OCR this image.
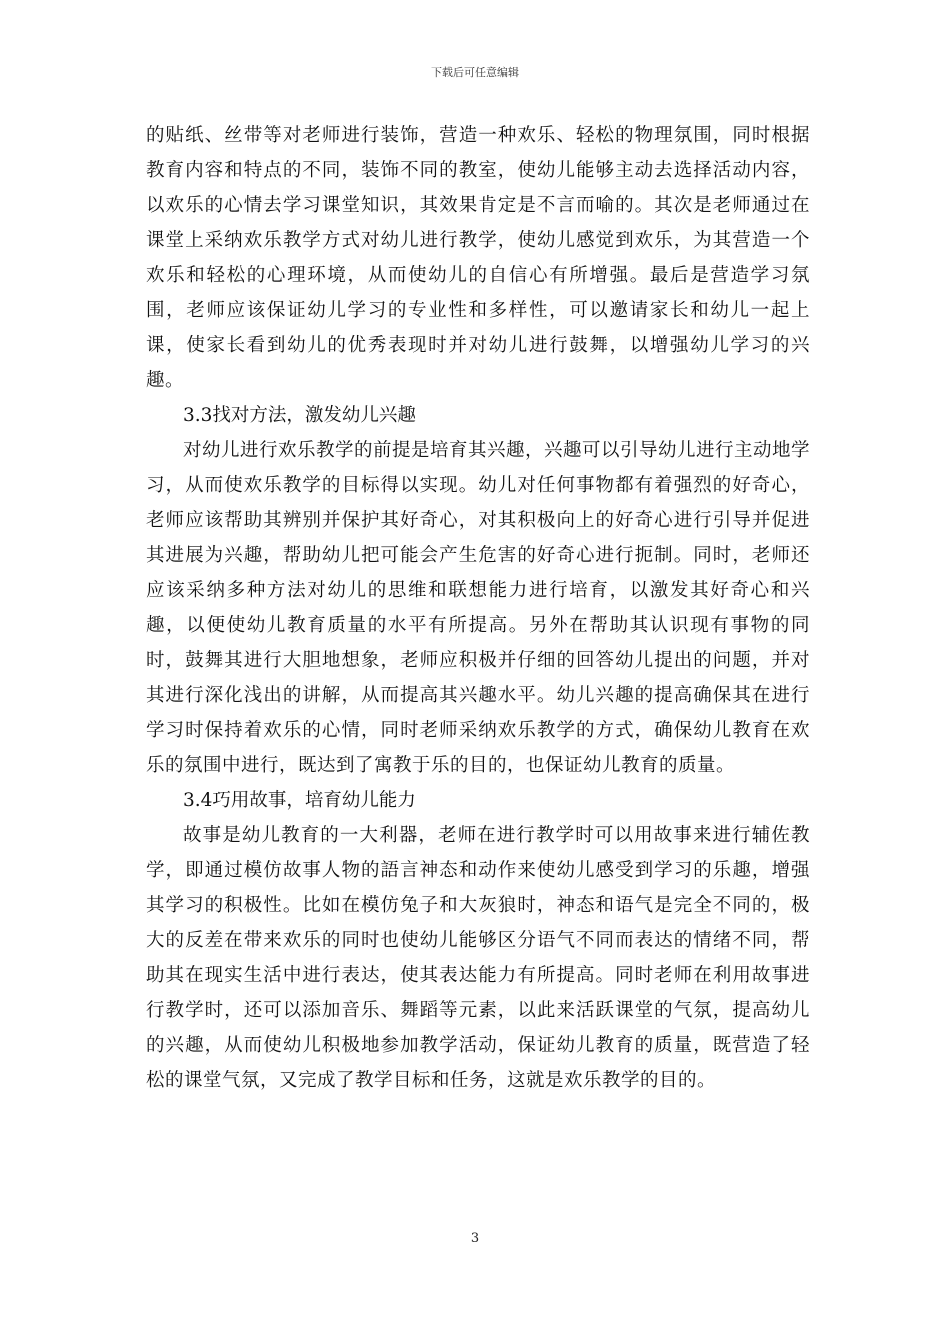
下载后可任意编辑

的贴纸、丝带等对老师进行装饰，营造一种欢乐、轻松的物理氛围，同时根据教育内容和特点的不同，装饰不同的教室，使幼儿能够主动去选择活动内容，以欢乐的心情去学习课堂知识，其效果肯定是不言而喻的。其次是老师通过在课堂上采纳欢乐教学方式对幼儿进行教学，使幼儿感觉到欢乐，为其营造一个欢乐和轻松的心理环境，从而使幼儿的自信心有所增强。最后是营造学习氛围，老师应该保证幼儿学习的专业性和多样性，可以邀请家长和幼儿一起上课，使家长看到幼儿的优秀表现时并对幼儿进行鼓舞，以增强幼儿学习的兴趣。

3.3找对方法，激发幼儿兴趣

对幼儿进行欢乐教学的前提是培育其兴趣，兴趣可以引导幼儿进行主动地学习，从而使欢乐教学的目标得以实现。幼儿对任何事物都有着强烈的好奇心，老师应该帮助其辨别并保护其好奇心，对其积极向上的好奇心进行引导并促进其进展为兴趣，帮助幼儿把可能会产生危害的好奇心进行扼制。同时，老师还应该采纳多种方法对幼儿的思维和联想能力进行培育，以激发其好奇心和兴趣，以便使幼儿教育质量的水平有所提高。另外在帮助其认识现有事物的同时，鼓舞其进行大胆地想象，老师应积极并仔细的回答幼儿提出的问题，并对其进行深化浅出的讲解，从而提高其兴趣水平。幼儿兴趣的提高确保其在进行学习时保持着欢乐的心情，同时老师采纳欢乐教学的方式，确保幼儿教育在欢乐的氛围中进行，既达到了寓教于乐的目的，也保证幼儿教育的质量。

3.4巧用故事，培育幼儿能力

故事是幼儿教育的一大利器，老师在进行教学时可以用故事来进行辅佐教学，即通过模仿故事人物的語言神态和动作来使幼儿感受到学习的乐趣，增强其学习的积极性。比如在模仿兔子和大灰狼时，神态和语气是完全不同的，极大的反差在带来欢乐的同时也使幼儿能够区分语气不同而表达的情绪不同，帮助其在现实生活中进行表达，使其表达能力有所提高。同时老师在利用故事进行教学时，还可以添加音乐、舞蹈等元素，以此来活跃课堂的气氛，提高幼儿的兴趣，从而使幼儿积极地参加教学活动，保证幼儿教育的质量，既营造了轻松的课堂气氛，又完成了教学目标和任务，这就是欢乐教学的目的。

3
